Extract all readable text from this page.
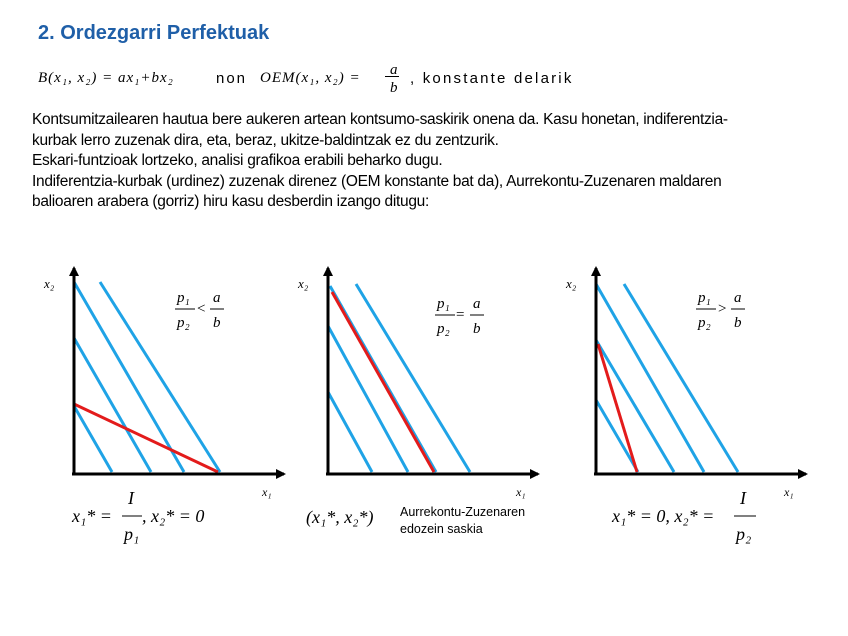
2. Ordezgarri Perfektuak
B(x₁, x₂) = ax₁+bx₂	non OEM(x₁, x₂) = a
b
, konstante delarik
Kontsumitzailearen hautua bere aukeren artean kontsumo-saskirik onena da. Kasu honetan, indiferentzia-
kurbak lerro zuzenak dira, eta, beraz, ukitze-baldintzak ez du zentzurik.
Eskari-funtzioak lortzeko, analisi grafikoa erabili beharko dugu.
Indiferentzia-kurbak (urdinez) zuzenak direnez (OEM konstante bat da), Aurrekontu-Zuzenaren maldaren
balioaren arabera (gorriz) hiru kasu desberdin izango ditugu:
x₂
x₁
p₁
p₂
<
a
b
x₁* =
I
p₁
, x₂* = 0
x₂
x₁
p₁
p₂
=
a
b
(x₁*, x₂*) Aurrekontu-Zuzenaren
edozein saskia
x₂
x₁
p₁
p₂
>
a
b
x₁* = 0, x₂* =
I
p₂
